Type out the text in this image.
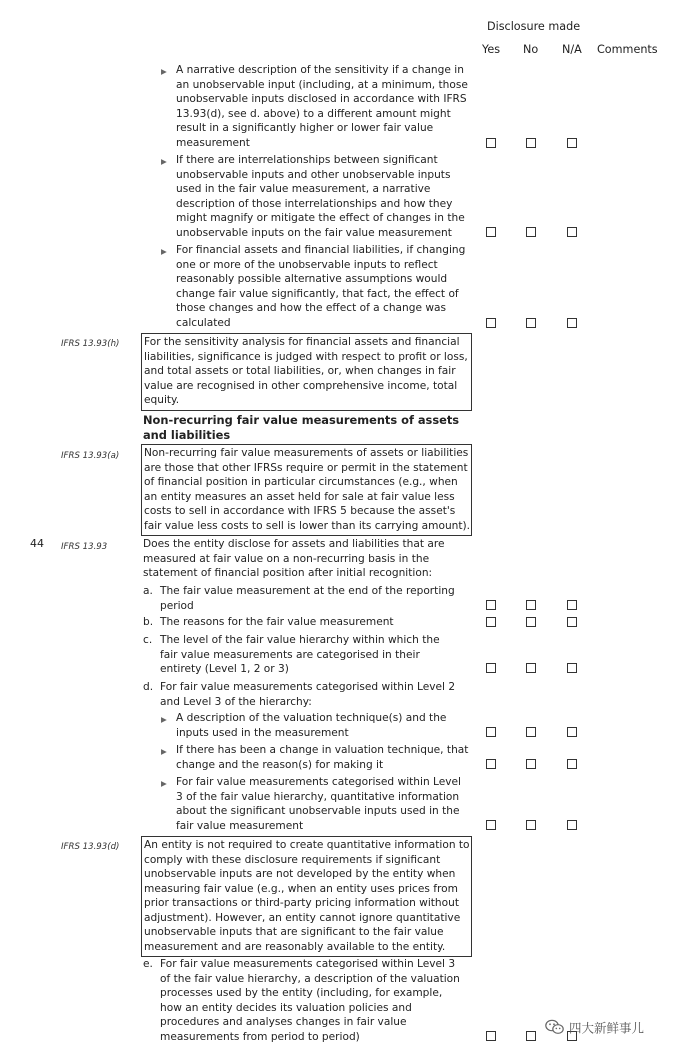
Disclosure made
Yes No N/A Comments
▶ A narrative description of the sensitivity if a change in an unobservable input (including, at a minimum, those unobservable inputs disclosed in accordance with IFRS 13.93(d), see d. above) to a different amount might result in a significantly higher or lower fair value measurement

▶ If there are interrelationships between significant unobservable inputs and other unobservable inputs used in the fair value measurement, a narrative description of those interrelationships and how they might magnify or mitigate the effect of changes in the unobservable inputs on the fair value measurement

▶ For financial assets and financial liabilities, if changing one or more of the unobservable inputs to reflect reasonably possible alternative assumptions would change fair value significantly, that fact, the effect of those changes and how the effect of a change was calculated

IFRS 13.93(h) For the sensitivity analysis for financial assets and financial liabilities, significance is judged with respect to profit or loss, and total assets or total liabilities, or, when changes in fair value are recognised in other comprehensive income, total equity.
Non-recurring fair value measurements of assets and liabilities
IFRS 13.93(a) Non-recurring fair value measurements of assets or liabilities are those that other IFRSs require or permit in the statement of financial position in particular circumstances (e.g., when an entity measures an asset held for sale at fair value less costs to sell in accordance with IFRS 5 because the asset's fair value less costs to sell is lower than its carrying amount).
44 IFRS 13.93	Does the entity disclose for assets and liabilities that are measured at fair value on a non-recurring basis in the statement of financial position after initial recognition:

a. The fair value measurement at the end of the reporting period

b. The reasons for the fair value measurement

c. The level of the fair value hierarchy within which the fair value measurements are categorised in their entirety (Level 1, 2 or 3)

d. For fair value measurements categorised within Level 2 and Level 3 of the hierarchy:

▶ A description of the valuation technique(s) and the inputs used in the measurement

▶ If there has been a change in valuation technique, that change and the reason(s) for making it

▶ For fair value measurements categorised within Level 3 of the fair value hierarchy, quantitative information about the significant unobservable inputs used in the fair value measurement

IFRS 13.93(d) An entity is not required to create quantitative information to comply with these disclosure requirements if significant unobservable inputs are not developed by the entity when measuring fair value (e.g., when an entity uses prices from prior transactions or third-party pricing information without adjustment). However, an entity cannot ignore quantitative unobservable inputs that are significant to the fair value measurement and are reasonably available to the entity.
e. For fair value measurements categorised within Level 3 of the fair value hierarchy, a description of the valuation processes used by the entity (including, for example, how an entity decides its valuation policies and procedures and analyses changes in fair value measurements from period to period)

四大新鲜事儿
